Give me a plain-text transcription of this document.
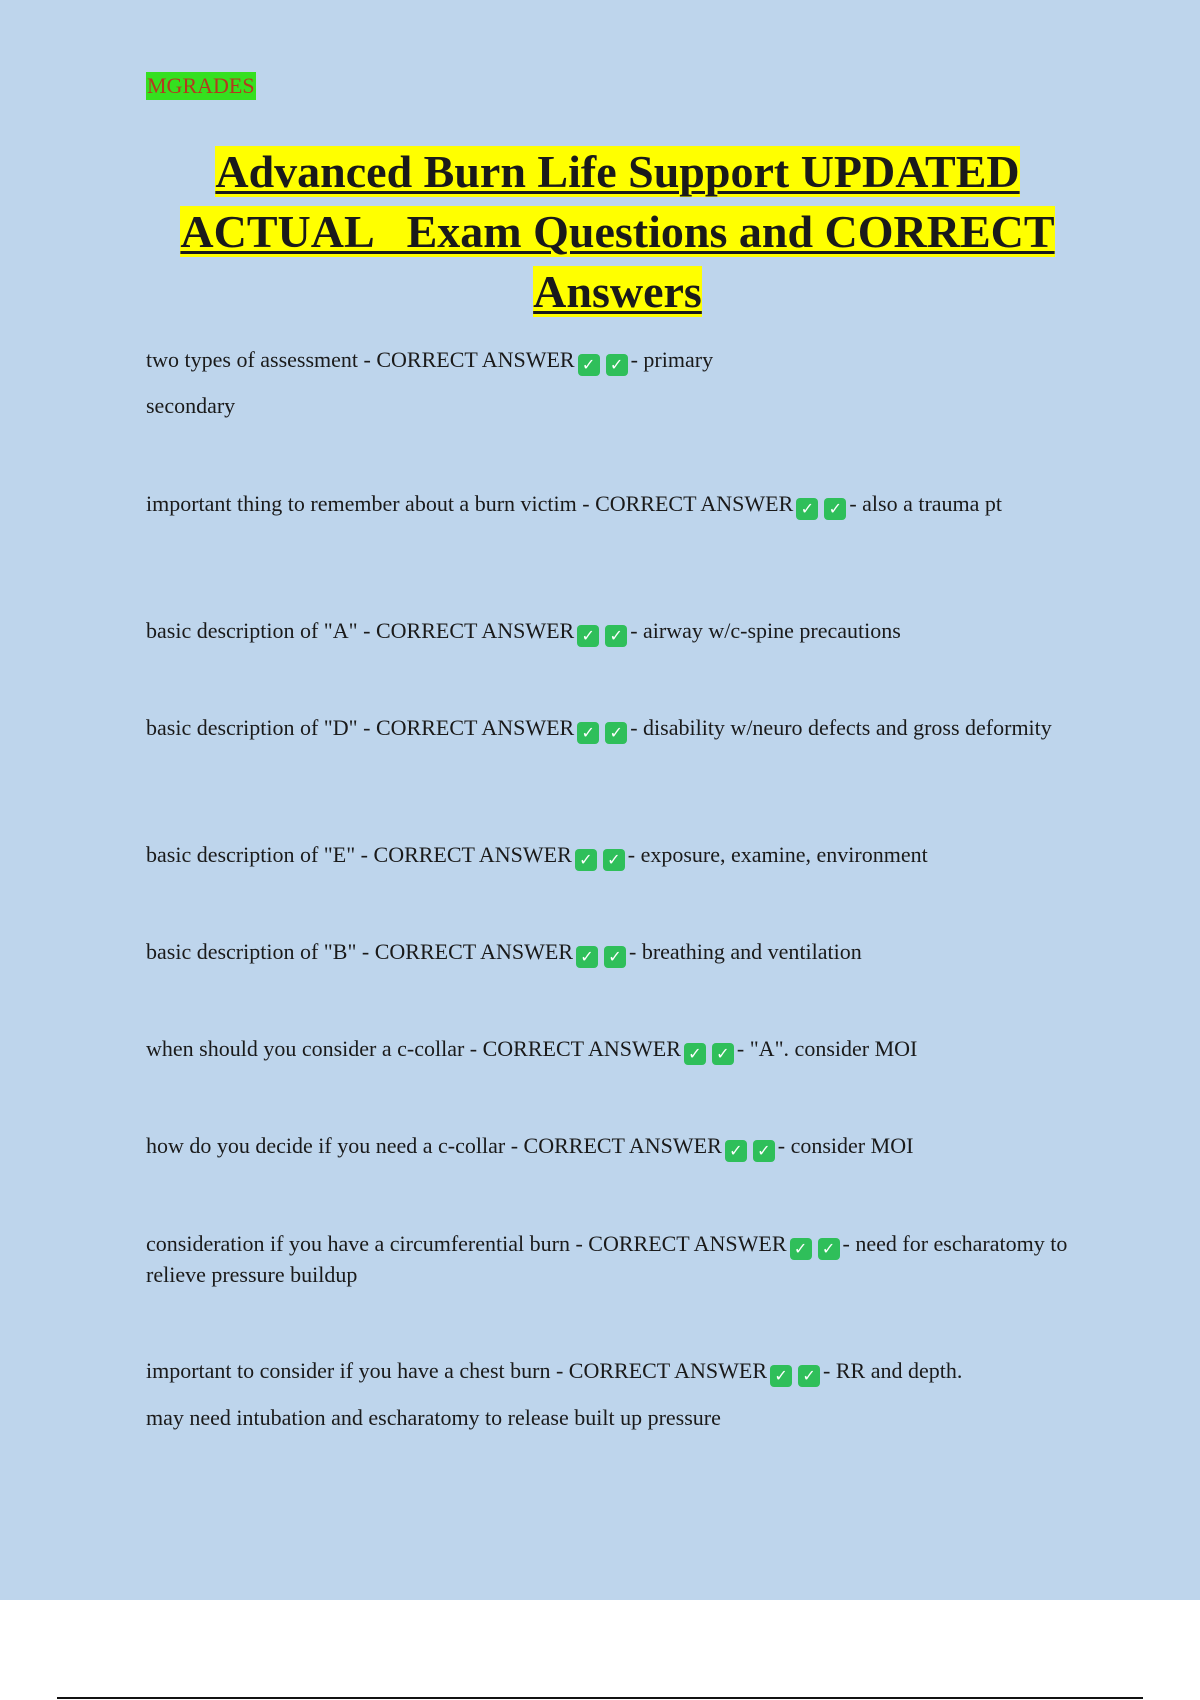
MGRADES
Advanced Burn Life Support UPDATED
ACTUAL   Exam Questions and CORRECT
Answers

two types of assessment - CORRECT ANSWER ✓ ✓ - primary

secondary

important thing to remember about a burn victim - CORRECT ANSWER ✓ ✓ - also a trauma pt

basic description of "A" - CORRECT ANSWER ✓ ✓ - airway w/c-spine precautions

basic description of "D" - CORRECT ANSWER ✓ ✓ - disability w/neuro defects and gross deformity

basic description of "E" - CORRECT ANSWER ✓ ✓ - exposure, examine, environment

basic description of "B" - CORRECT ANSWER ✓ ✓ - breathing and ventilation

when should you consider a c-collar - CORRECT ANSWER ✓ ✓ - "A". consider MOI

how do you decide if you need a c-collar - CORRECT ANSWER ✓ ✓ - consider MOI

consideration if you have a circumferential burn - CORRECT ANSWER ✓ ✓ - need for escharatomy to relieve pressure buildup

important to consider if you have a chest burn - CORRECT ANSWER ✓ ✓ - RR and depth.

may need intubation and escharatomy to release built up pressure
